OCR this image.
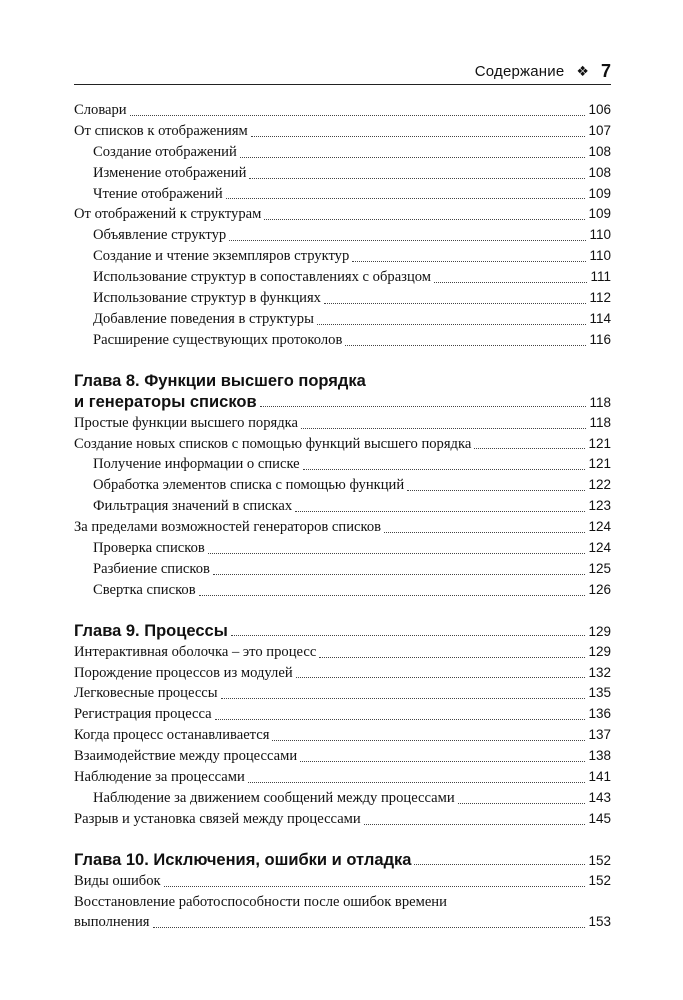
Содержание ❖ 7
Словари	106
От списков к отображениям	107
Создание отображений	108
Изменение отображений	108
Чтение отображений	109
От отображений к структурам	109
Объявление структур	110
Создание и чтение экземпляров структур	110
Использование структур в сопоставлениях с образцом	111
Использование структур в функциях	112
Добавление поведения в структуры	114
Расширение существующих протоколов	116
Глава 8. Функции высшего порядка
и генераторы списков	118
Простые функции высшего порядка	118
Создание новых списков с помощью функций высшего порядка	121
Получение информации о списке	121
Обработка элементов списка с помощью функций	122
Фильтрация значений в списках	123
За пределами возможностей генераторов списков	124
Проверка списков	124
Разбиение списков	125
Свертка списков	126
Глава 9. Процессы	129
Интерактивная оболочка – это процесс	129
Порождение процессов из модулей	132
Легковесные процессы	135
Регистрация процесса	136
Когда процесс останавливается	137
Взаимодействие между процессами	138
Наблюдение за процессами	141
Наблюдение за движением сообщений между процессами	143
Разрыв и установка связей между процессами	145
Глава 10. Исключения, ошибки и отладка	152
Виды ошибок	152
Восстановление работоспособности после ошибок времени
выполнения	153
